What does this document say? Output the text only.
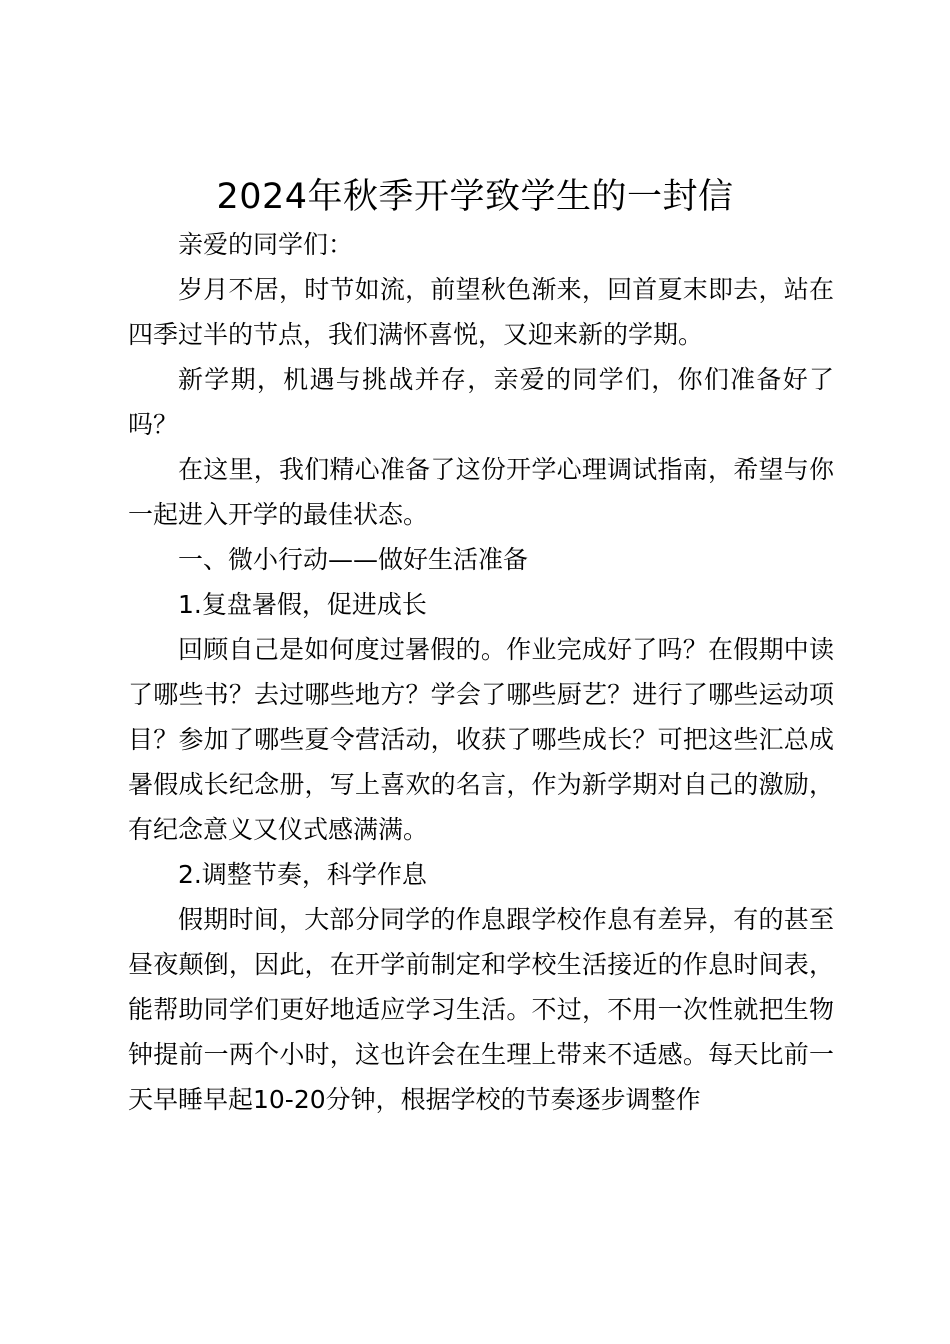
2024年秋季开学致学生的一封信

亲爱的同学们：

岁月不居，时节如流，前望秋色渐来，回首夏末即去，站在四季过半的节点，我们满怀喜悦，又迎来新的学期。

新学期，机遇与挑战并存，亲爱的同学们，你们准备好了吗？

在这里，我们精心准备了这份开学心理调试指南，希望与你一起进入开学的最佳状态。

一、微小行动——做好生活准备

1.复盘暑假，促进成长

回顾自己是如何度过暑假的。作业完成好了吗？在假期中读了哪些书？去过哪些地方？学会了哪些厨艺？进行了哪些运动项目？参加了哪些夏令营活动，收获了哪些成长？可把这些汇总成暑假成长纪念册，写上喜欢的名言，作为新学期对自己的激励，有纪念意义又仪式感满满。

2.调整节奏，科学作息

假期时间，大部分同学的作息跟学校作息有差异，有的甚至昼夜颠倒，因此，在开学前制定和学校生活接近的作息时间表，能帮助同学们更好地适应学习生活。不过，不用一次性就把生物钟提前一两个小时，这也许会在生理上带来不适感。每天比前一天早睡早起10-20分钟，根据学校的节奏逐步调整作
